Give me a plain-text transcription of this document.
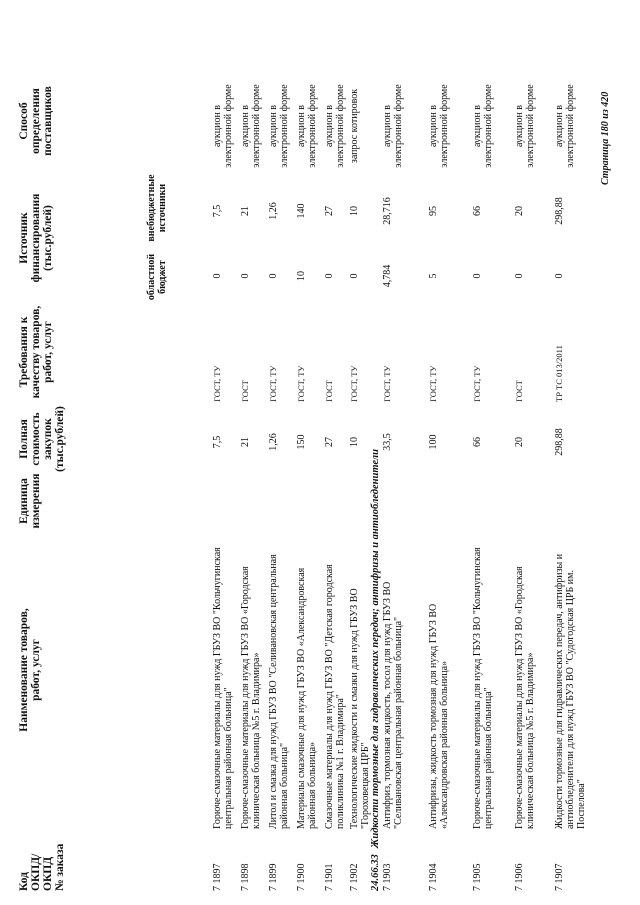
Код
ОКПД/
ОКПД
№ заказа
Наименование товаров,
работ, услуг
Единица
измерения
Полная
стоимость
закупок
(тыс.рублей)
Требования к
качеству товаров,
работ, услуг
Источник
финансирования
(тыс.рублей)
областной
бюджет
внебюджетные
источники
Способ
определения
поставщиков
7 1897
Горюче-смазочные материалы для нужд ГБУЗ ВО "Кольчугинская центральная районная больница"
7,5
ГОСТ, ТУ
0
7,5
аукцион в электронной форме
7 1898
Горюче-смазочные материалы для нужд ГБУЗ ВО «Городская клиническая больница №5 г. Владимира»
21
ГОСТ
0
21
аукцион в электронной форме
7 1899
Литол и смазка для нужд ГБУЗ ВО "Селивановская центральная районная больница"
1,26
ГОСТ, ТУ
0
1,26
аукцион в электронной форме
7 1900
Материалы смазочные для нужд ГБУЗ ВО «Александровская районная больница»
150
ГОСТ, ТУ
10
140
аукцион в электронной форме
7 1901
Смазочные материалы для нужд ГБУЗ ВО "Детская городская поликлиника №1 г. Владимира"
27
ГОСТ
0
27
аукцион в электронной форме
7 1902
Технологические жидкости и смазки для нужд ГБУЗ ВО "Гороховецкая ЦРБ"
10
ГОСТ, ТУ
0
10
запрос котировок
24.66.33Жидкости тормозные для гидравлических передач; антифризы и антиобледенители
7 1903
Антифриз, тормозная жидкость, тосол для нужд ГБУЗ ВО "Селивановская центральная районная больница"
33,5
ГОСТ, ТУ
4,784
28,716
аукцион в электронной форме
7 1904
Антифризы, жидкость тормозная для нужд ГБУЗ ВО «Александровская районная больница»
100
ГОСТ, ТУ
5
95
аукцион в электронной форме
7 1905
Горюче-смазочные материалы для нужд ГБУЗ ВО "Кольчугинская центральная районная больница"
66
ГОСТ, ТУ
0
66
аукцион в электронной форме
7 1906
Горюче-смазочные материалы для нужд ГБУЗ ВО «Городская клиническая больница №5 г. Владимира»
20
ГОСТ
0
20
аукцион в электронной форме
7 1907
Жидкости тормозные для гидравлических передач, антифризы и антиобледенители для нужд ГБУЗ ВО "Судогодская ЦРБ им. Поспелова"
298,88
ТР ТС 013/2011
0
298,88
аукцион в электронной форме Страница 180 из 420
